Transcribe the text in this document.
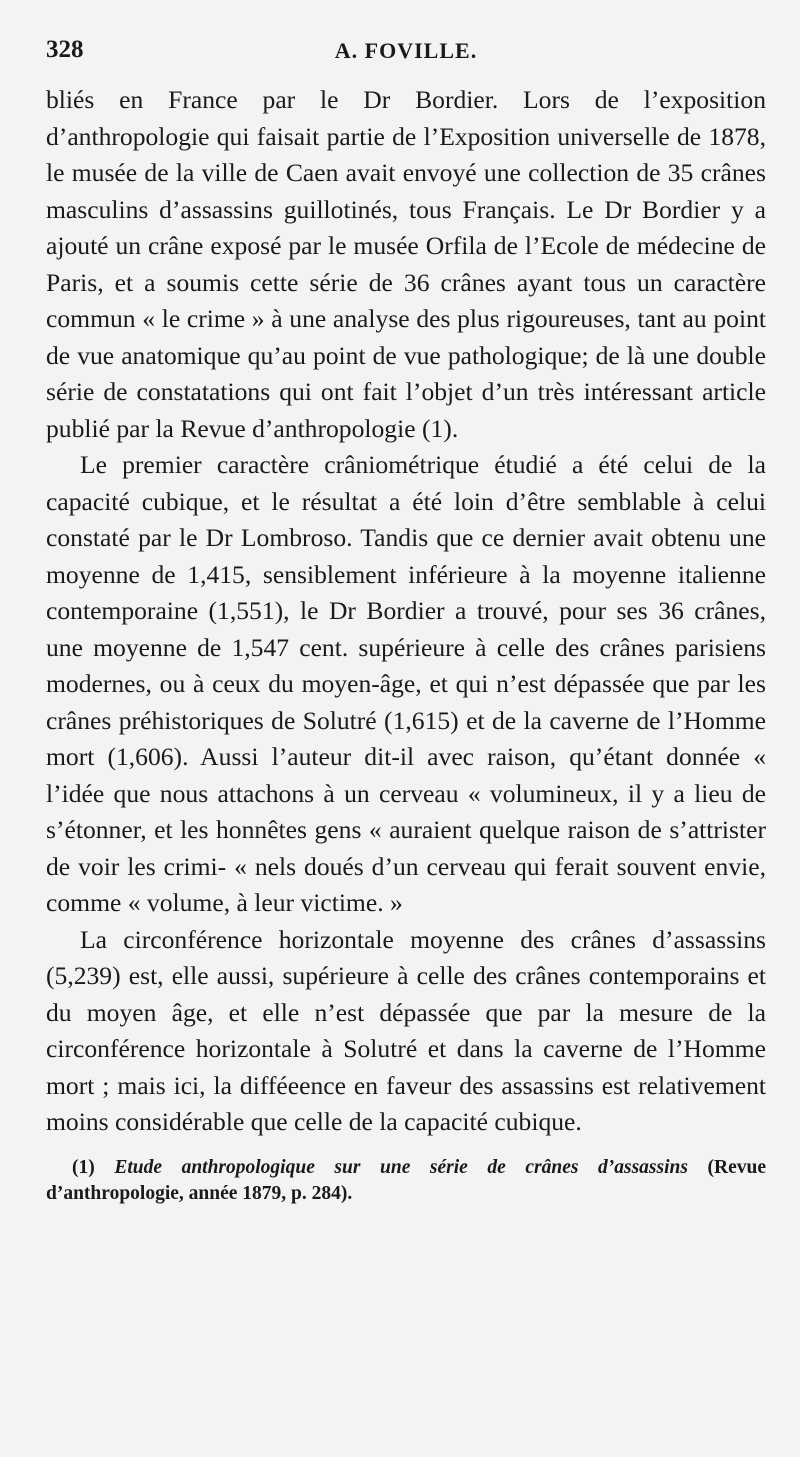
328	A. FOVILLE.

bliés en France par le Dr Bordier. Lors de l’exposition d’anthropologie qui faisait partie de l’Exposition universelle de 1878, le musée de la ville de Caen avait envoyé une collection de 35 crânes masculins d’assassins guillotinés, tous Français. Le Dr Bordier y a ajouté un crâne exposé par le musée Orfila de l’Ecole de médecine de Paris, et a soumis cette série de 36 crânes ayant tous un caractère commun « le crime » à une analyse des plus rigoureuses, tant au point de vue anatomique qu’au point de vue pathologique; de là une double série de constatations qui ont fait l’objet d’un très intéressant article publié par la Revue d’anthropologie (1).

Le premier caractère crâniométrique étudié a été celui de la capacité cubique, et le résultat a été loin d’être semblable à celui constaté par le Dr Lombroso. Tandis que ce dernier avait obtenu une moyenne de 1,415, sensiblement inférieure à la moyenne italienne contemporaine (1,551), le Dr Bordier a trouvé, pour ses 36 crânes, une moyenne de 1,547 cent. supérieure à celle des crânes parisiens modernes, ou à ceux du moyen-âge, et qui n’est dépassée que par les crânes préhistoriques de Solutré (1,615) et de la caverne de l’Homme mort (1,606). Aussi l’auteur dit-il avec raison, qu’étant donnée « l’idée que nous attachons à un cerveau « volumineux, il y a lieu de s’étonner, et les honnêtes gens « auraient quelque raison de s’attrister de voir les crimi- « nels doués d’un cerveau qui ferait souvent envie, comme « volume, à leur victime. »

La circonférence horizontale moyenne des crânes d’assassins (5,239) est, elle aussi, supérieure à celle des crânes contemporains et du moyen âge, et elle n’est dépassée que par la mesure de la circonférence horizontale à Solutré et dans la caverne de l’Homme mort ; mais ici, la difféeence en faveur des assassins est relativement moins considérable que celle de la capacité cubique.

(1) Etude anthropologique sur une série de crânes d’assassins (Revue d’anthropologie, année 1879, p. 284).
